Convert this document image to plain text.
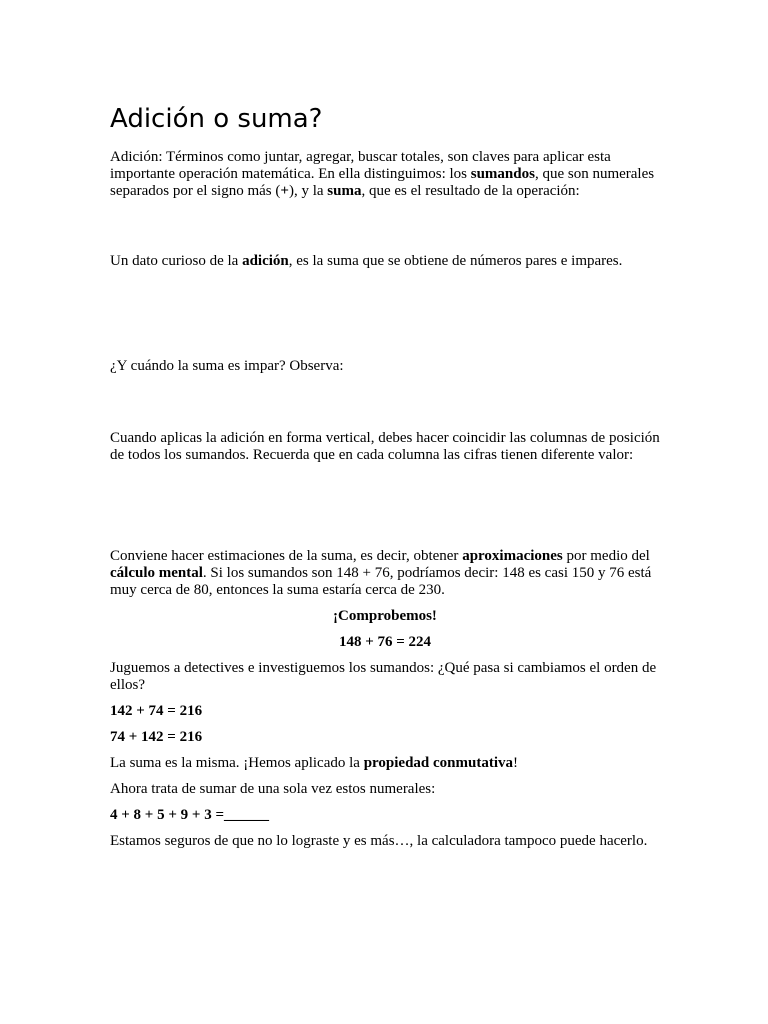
Adición o suma?

Adición: Términos como juntar, agregar, buscar totales, son claves para aplicar esta importante operación matemática. En ella distinguimos: los sumandos, que son numerales separados por el signo más (+), y la suma, que es el resultado de la operación:

Un dato curioso de la adición, es la suma que se obtiene de números pares e impares.

¿Y cuándo la suma es impar? Observa:

Cuando aplicas la adición en forma vertical, debes hacer coincidir las columnas de posición de todos los sumandos. Recuerda que en cada columna las cifras tienen diferente valor:

Conviene hacer estimaciones de la suma, es decir, obtener aproximaciones por medio del cálculo mental. Si los sumandos son 148 + 76, podríamos decir: 148 es casi 150 y 76 está muy cerca de 80, entonces la suma estaría cerca de 230.

¡Comprobemos!

148 + 76 = 224

Juguemos a detectives e investiguemos los sumandos: ¿Qué pasa si cambiamos el orden de ellos?

142 + 74 = 216

74 + 142 = 216

La suma es la misma. ¡Hemos aplicado la propiedad conmutativa!

Ahora trata de sumar de una sola vez estos numerales:

4 + 8 + 5 + 9 + 3 =______

Estamos seguros de que no lo lograste y es más…, la calculadora tampoco puede hacerlo.
